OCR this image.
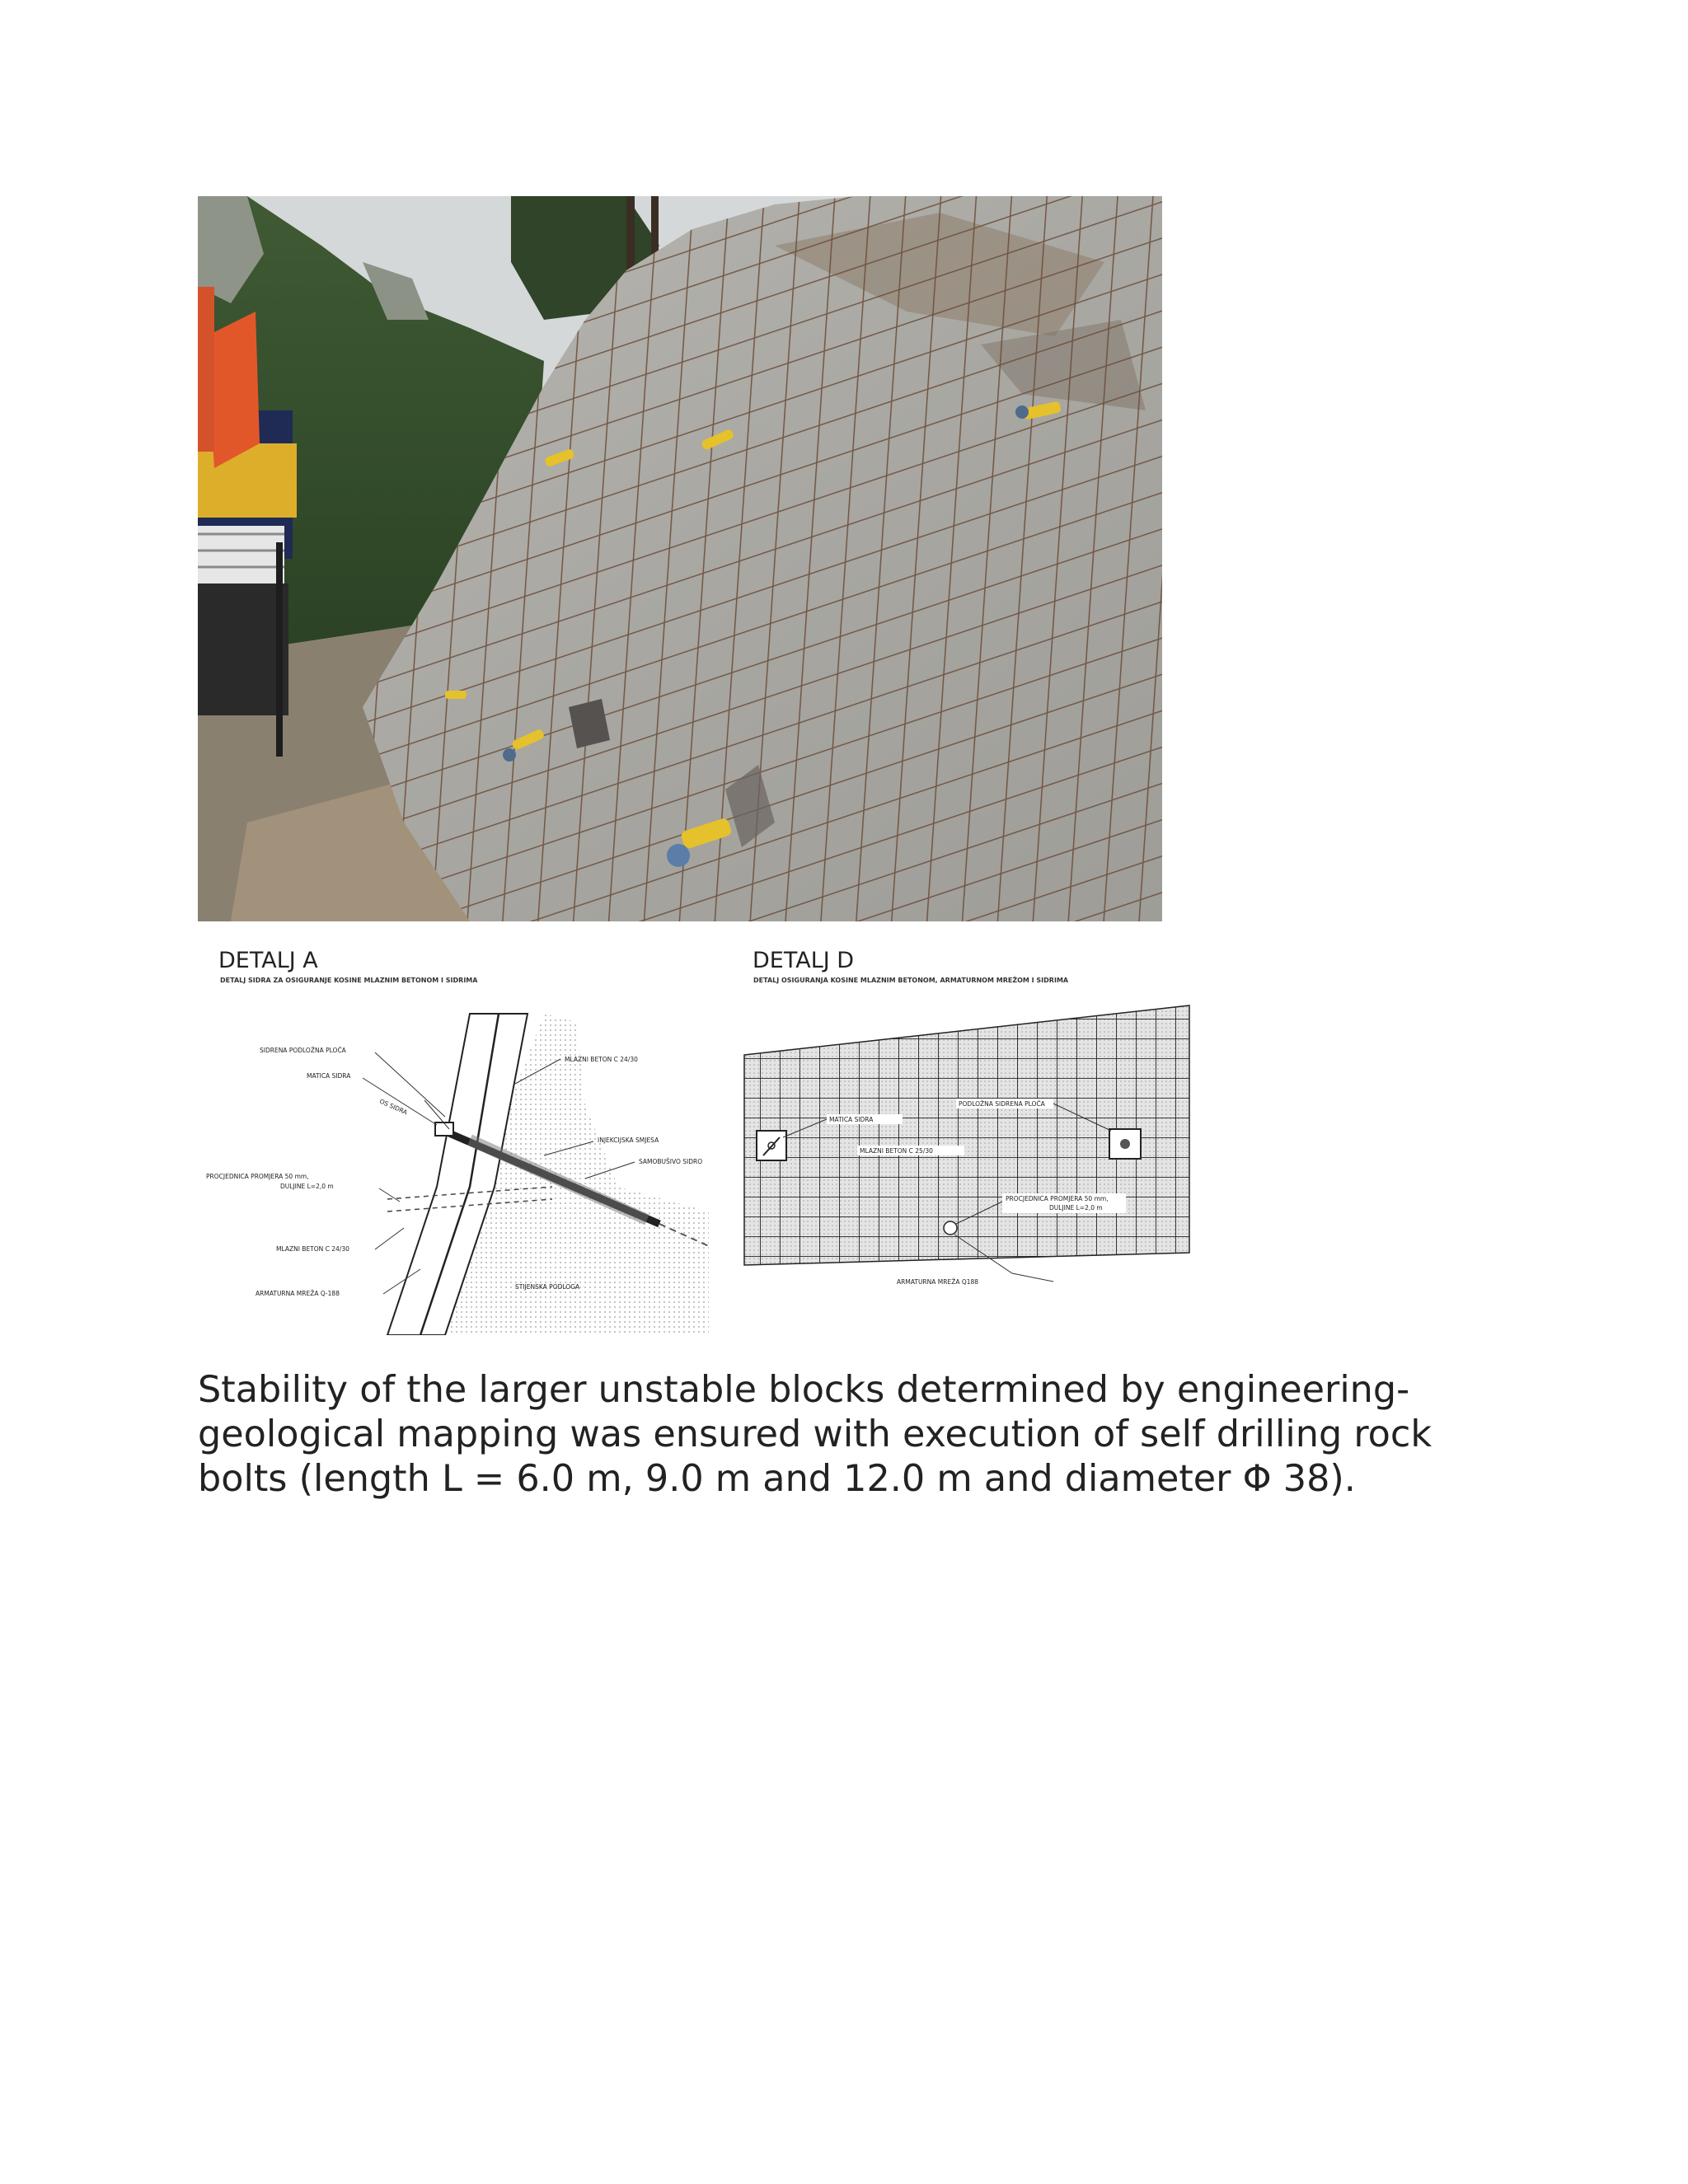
DETALJ A
DETALJ SIDRA ZA OSIGURANJE KOSINE MLAZNIM BETONOM I SIDRIMA
SIDRENA PODLOŽNA PLOČA
MATICA SIDRA
OS SIDRA
MLAZNI BETON C 24/30
INJEKCIJSKA SMJESA
SAMOBUŠIVO SIDRO
PROCJEDNICA PROMJERA 50 mm,
DULJINE L=2,0 m
MLAZNI BETON C 24/30
ARMATURNA MREŽA Q-188
STIJENSKA PODLOGA
DETALJ D
DETALJ OSIGURANJA KOSINE MLAZNIM BETONOM, ARMATURNOM MREŽOM I SIDRIMA
MATICA SIDRA
PODLOŽNA SIDRENA PLOČA
MLAZNI BETON C 25/30
PROCJEDNICA PROMJERA 50 mm,
DULJINE L=2,0 m
ARMATURNA MREŽA Q188

Stability of the larger unstable blocks determined by engineering-geological mapping was ensured with execution of self drilling rock bolts (length L = 6.0 m, 9.0 m and 12.0 m and diameter Φ 38).
